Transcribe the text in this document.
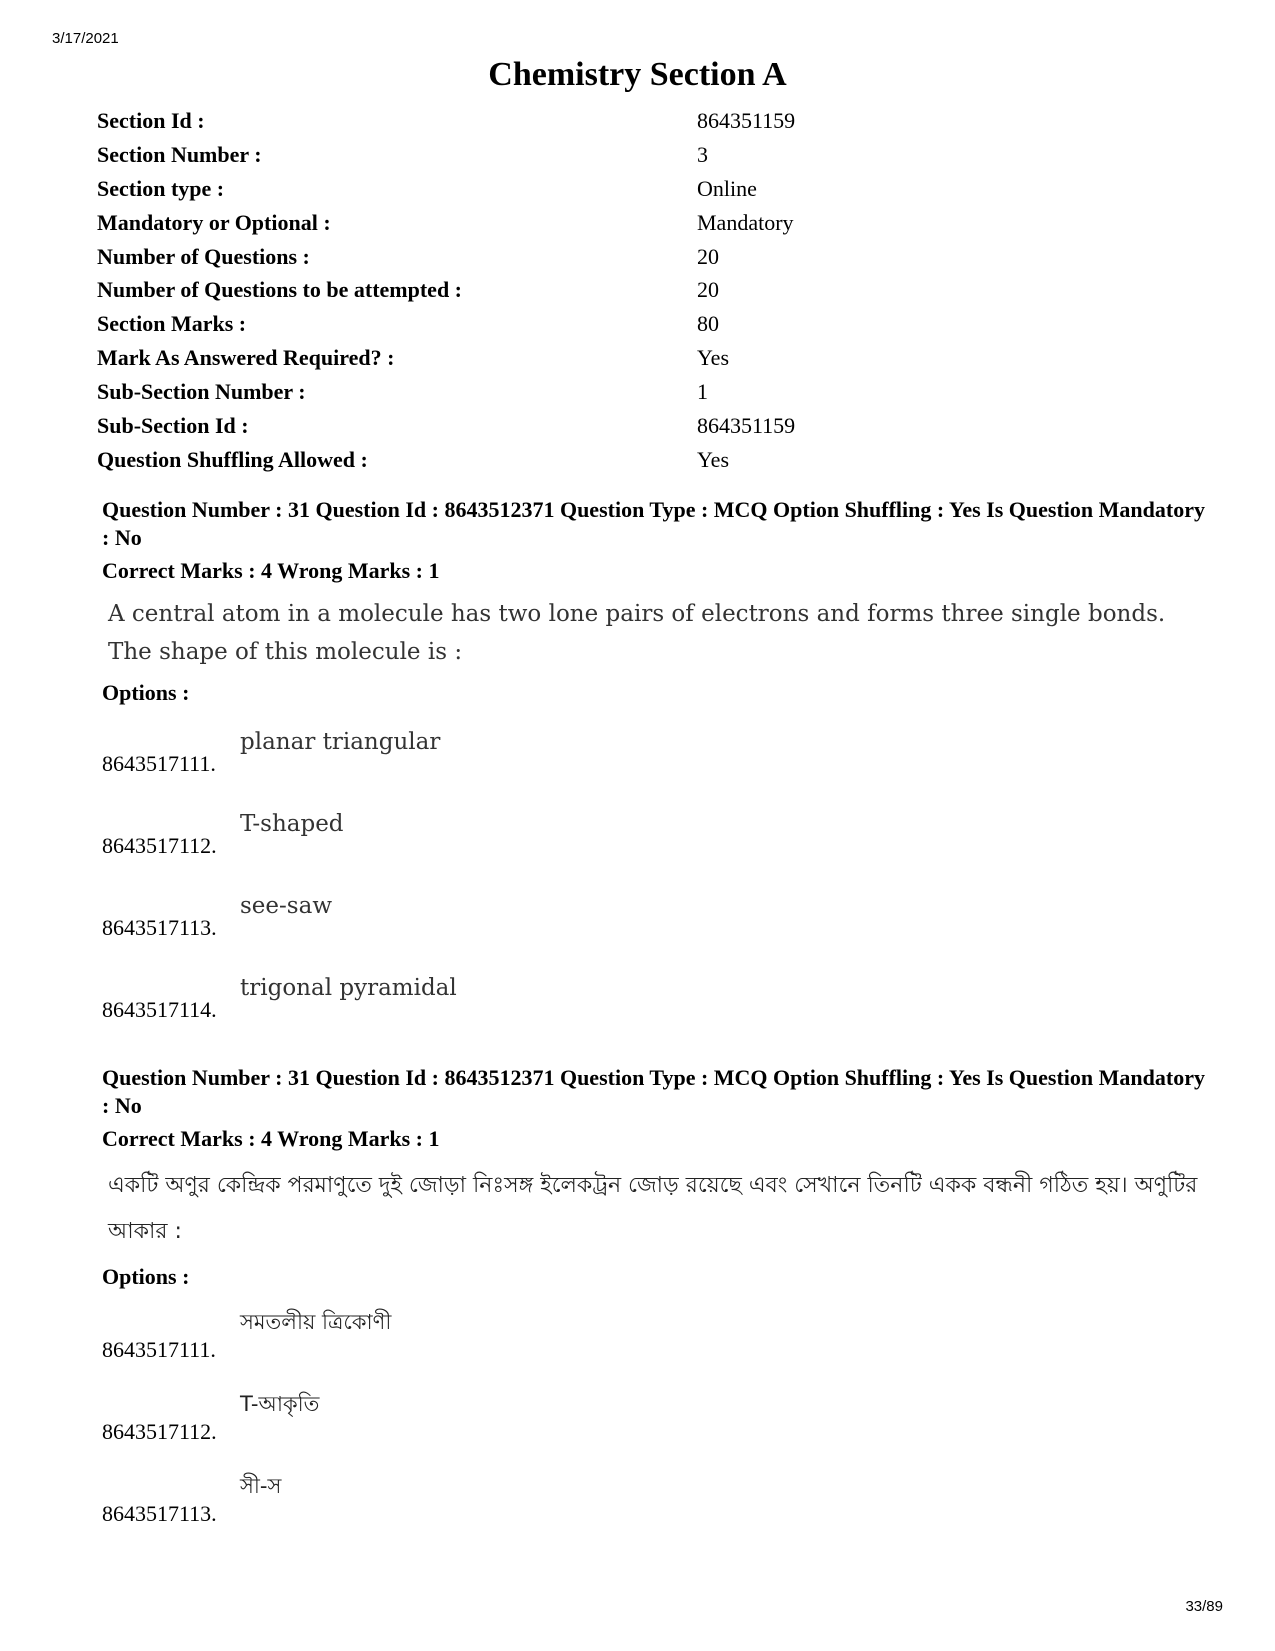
3/17/2021
Chemistry Section A
Section Id :	864351159
Section Number :	3
Section type :	Online
Mandatory or Optional :	Mandatory
Number of Questions :	20
Number of Questions to be attempted :	20
Section Marks :	80
Mark As Answered Required? :	Yes
Sub-Section Number :	1
Sub-Section Id :	864351159
Question Shuffling Allowed :	Yes
Question Number : 31 Question Id : 8643512371 Question Type : MCQ Option Shuffling : Yes Is Question Mandatory : No
Correct Marks : 4 Wrong Marks : 1
A central atom in a molecule has two lone pairs of electrons and forms three single bonds. The shape of this molecule is :
Options :
8643517111.
planar triangular
8643517112.
T-shaped
8643517113.
see-saw
8643517114.
trigonal pyramidal
Question Number : 31 Question Id : 8643512371 Question Type : MCQ Option Shuffling : Yes Is Question Mandatory : No
Correct Marks : 4 Wrong Marks : 1
একটি অণুর কেন্দ্রিক পরমাণুতে দুই জোড়া নিঃসঙ্গ ইলেকট্রন জোড় রয়েছে এবং সেখানে তিনটি একক বন্ধনী গঠিত হয়। অণুটির আকার :
Options :
8643517111.
সমতলীয় ত্রিকোণী
8643517112.
T-আকৃতি
8643517113.
সী-স
33/89
